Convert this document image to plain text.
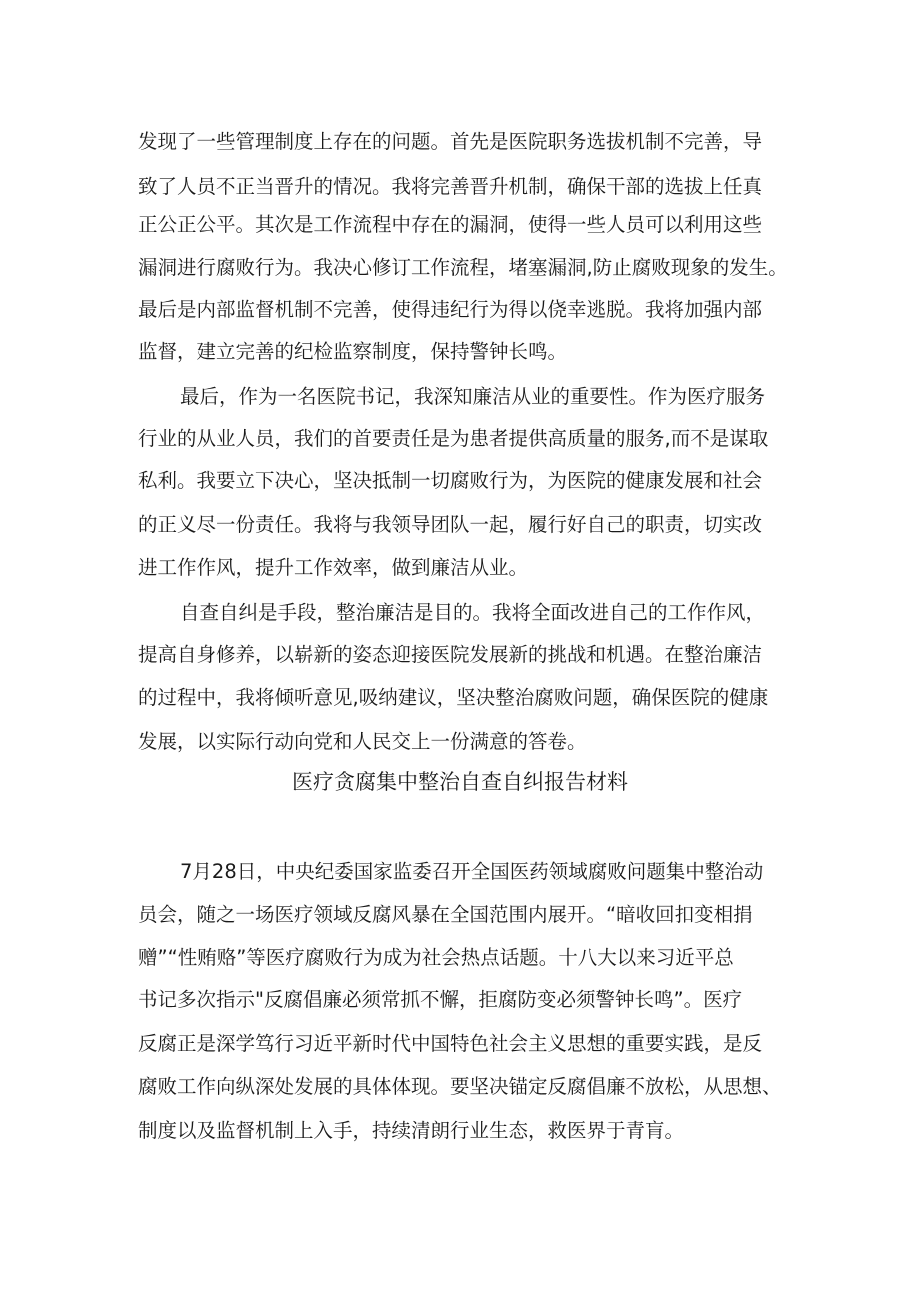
发现了一些管理制度上存在的问题。首先是医院职务选拔机制不完善，导
致了人员不正当晋升的情况。我将完善晋升机制，确保干部的选拔上任真
正公正公平。其次是工作流程中存在的漏洞，使得一些人员可以利用这些
漏洞进行腐败行为。我决心修订工作流程，堵塞漏洞,防止腐败现象的发生。
最后是内部监督机制不完善，使得违纪行为得以侥幸逃脱。我将加强内部
监督，建立完善的纪检监察制度，保持警钟长鸣。
最后，作为一名医院书记，我深知廉洁从业的重要性。作为医疗服务
行业的从业人员，我们的首要责任是为患者提供高质量的服务,而不是谋取
私利。我要立下决心，坚决抵制一切腐败行为，为医院的健康发展和社会
的正义尽一份责任。我将与我领导团队一起，履行好自己的职责，切实改
进工作作风，提升工作效率，做到廉洁从业。
自查自纠是手段，整治廉洁是目的。我将全面改进自己的工作作风，
提高自身修养，以崭新的姿态迎接医院发展新的挑战和机遇。在整治廉洁
的过程中，我将倾听意见,吸纳建议，坚决整治腐败问题，确保医院的健康
发展，以实际行动向党和人民交上一份满意的答卷。
医疗贪腐集中整治自查自纠报告材料
7月28日，中央纪委国家监委召开全国医药领域腐败问题集中整治动
员会，随之一场医疗领域反腐风暴在全国范围内展开。“暗收回扣变相捐
赠”“性贿赂”等医疗腐败行为成为社会热点话题。十八大以来习近平总
书记多次指示"反腐倡廉必须常抓不懈，拒腐防变必须警钟长鸣”。医疗
反腐正是深学笃行习近平新时代中国特色社会主义思想的重要实践，是反
腐败工作向纵深处发展的具体体现。要坚决锚定反腐倡廉不放松，从思想、
制度以及监督机制上入手，持续清朗行业生态，救医界于青肓。
